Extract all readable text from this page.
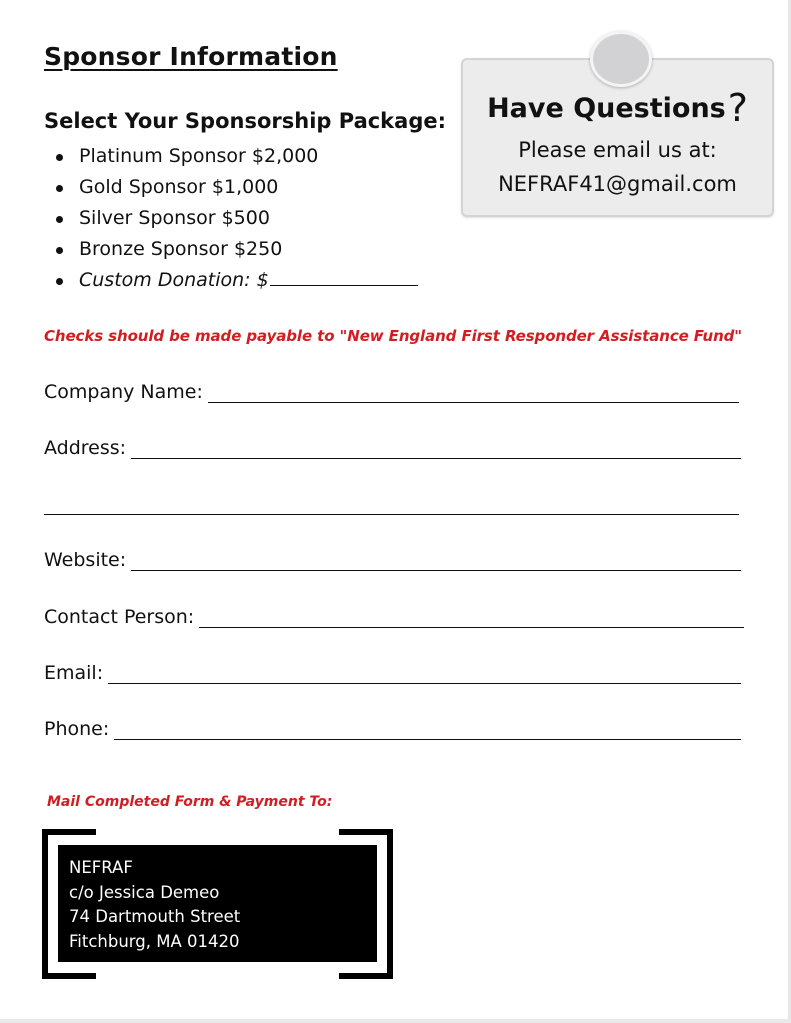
Sponsor Information
Select Your Sponsorship Package:
Platinum Sponsor $2,000
Gold Sponsor $1,000
Silver Sponsor $500
Bronze Sponsor $250
Custom Donation: $
Have Questions?
Please email us at:
NEFRAF41@gmail.com
Checks should be made payable to "New England First Responder Assistance Fund"
Company Name:
Address:
Website:
Contact Person:
Email:
Phone:
Mail Completed Form & Payment To:
NEFRAF
c/o Jessica Demeo
74 Dartmouth Street
Fitchburg, MA 01420
